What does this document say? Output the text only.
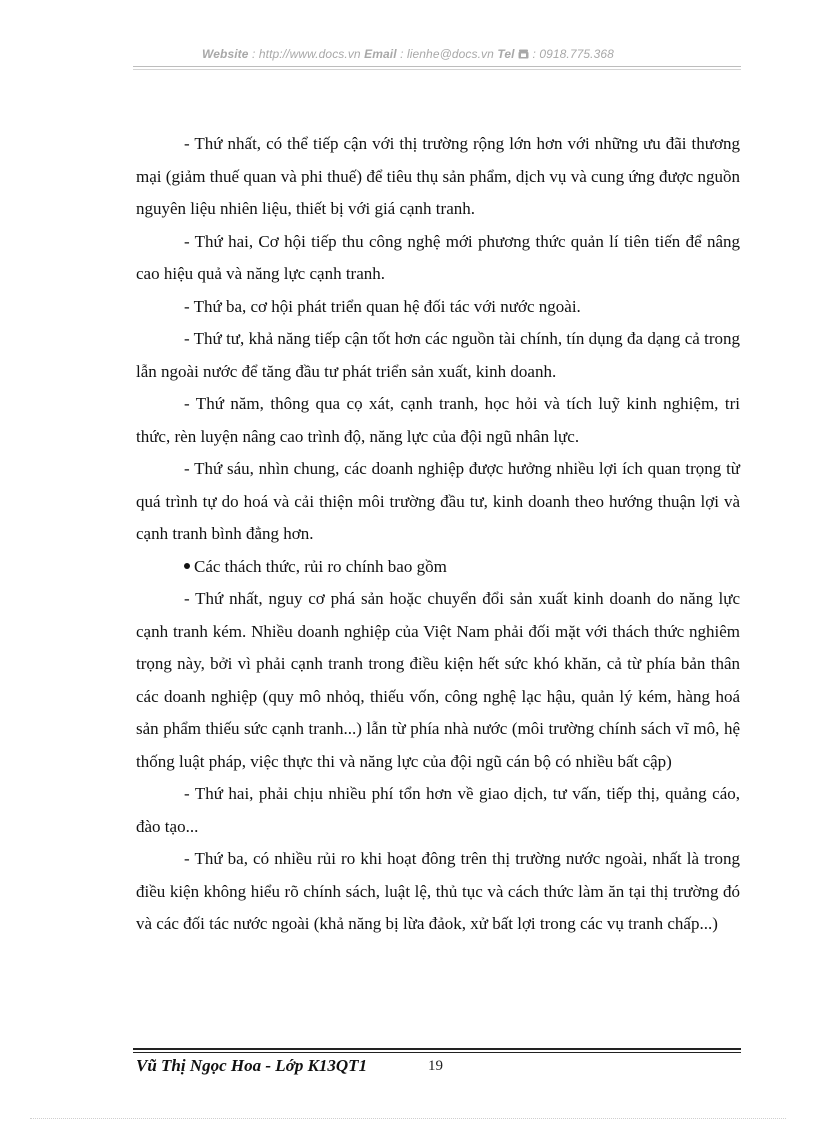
Website : http://www.docs.vn Email : lienhe@docs.vn Tel : 0918.775.368

- Thứ nhất, có thể tiếp cận với thị trường rộng lớn hơn với những ưu đãi thương mại (giảm thuế quan và phi thuế) để tiêu thụ sản phẩm, dịch vụ và cung ứng được nguồn nguyên liệu nhiên liệu, thiết bị với giá cạnh tranh.

- Thứ hai, Cơ hội tiếp thu công nghệ mới phương thức quản lí tiên tiến để nâng cao hiệu quả và năng lực cạnh tranh.

- Thứ ba, cơ hội phát triển quan hệ đối tác với nước ngoài.

- Thứ tư, khả năng tiếp cận tốt hơn các nguồn tài chính, tín dụng đa dạng cả trong lẫn ngoài nước để tăng đầu tư phát triển sản xuất, kinh doanh.

- Thứ năm, thông qua cọ xát, cạnh tranh, học hỏi và tích luỹ kinh nghiệm, tri thức, rèn luyện nâng cao trình độ, năng lực của đội ngũ nhân lực.

- Thứ sáu, nhìn chung, các doanh nghiệp được hưởng nhiều lợi ích quan trọng từ quá trình tự do hoá và cải thiện môi trường đầu tư, kinh doanh theo hướng thuận lợi và cạnh tranh bình đẳng hơn.

Các thách thức, rủi ro chính bao gồm

- Thứ nhất, nguy cơ phá sản hoặc chuyển đổi sản xuất kinh doanh do năng lực cạnh tranh kém. Nhiều doanh nghiệp của Việt Nam phải đối mặt với thách thức nghiêm trọng này, bởi vì phải cạnh tranh trong điều kiện hết sức khó khăn, cả từ phía bản thân các doanh nghiệp (quy mô nhỏq, thiếu vốn, công nghệ lạc hậu, quản lý kém, hàng hoá sản phẩm thiếu sức cạnh tranh...) lẫn từ phía nhà nước (môi trường chính sách vĩ mô, hệ thống luật pháp, việc thực thi và năng lực của đội ngũ cán bộ có nhiều bất cập)

- Thứ hai, phải chịu nhiều phí tổn hơn về giao dịch, tư vấn, tiếp thị, quảng cáo, đào tạo...

- Thứ ba, có nhiều rủi ro khi hoạt đông trên thị trường nước ngoài, nhất là trong điều kiện không hiểu rõ chính sách, luật lệ, thủ tục và cách thức làm ăn tại thị trường đó và các đối tác nước ngoài (khả năng bị lừa đảok, xử bất lợi trong các vụ tranh chấp...)

Vũ Thị Ngọc Hoa - Lớp K13QT1	19
